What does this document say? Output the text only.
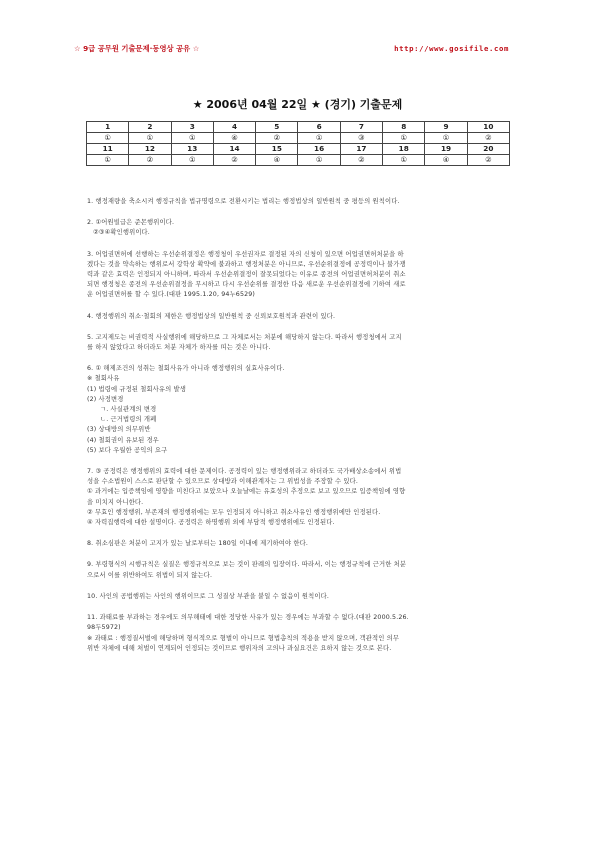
☆ 9급 공무원 기출문제·동영상 공유 ☆	http://www.gosifile.com
★ 2006년 04월 22일 ★ (경기) 기출문제
1	2	3	4	5	6	7	8	9	10
①	①	①	④	②	①	③	①	①	②
11	12	13	14	15	16	17	18	19	20
①	②	①	②	④	①	②	①	④	②
1. 행정재량을 축소시켜 행정규칙을 법규명령으로 전환시키는 법리는 행정법상의 일반원칙 중 평등의 원칙이다.
2. ①어원빌급은 준몬행위이다.
②③④확인행위이다.
3. 어업권면허에 선행하는 우선순위결정은 행정청이 우선권자로 결정된 자의 신청이 있으면 어업권면허처분을 하
겠다는 것을 약속하는 행위로서 강학상 확약에 불과하고 행정처분은 아니므로, 우선순위결정에 공정력이나 불가쟁
력과 같은 효력은 인정되지 아니하며, 따라서 우선순위결정이 잘못되었다는 이유로 종전의 어업권면허처분이 취소
되면 행정청은 종전의 우선순위결정을 무시하고 다시 우선순위를 결정한 다음 새로운 우선순위결정에 기하여 새로
운 어업권면허를 할 수 있다.(대판 1995.1.20, 94누6529)
4. 행정행위의 취소·철회의 제한은 행정법상의 일반원칙 중 신뢰보호원칙과 관련이 있다.
5. 고지제도는 비권력적 사실행위에 해당하므로 그 자체로서는 처분에 해당하지 않는다. 따라서 행정청에서 고지
를 하지 않았다고 하더라도 처분 자체가 하자를 띠는 것은 아니다.
6. ① 해제조건의 성취는 철회사유가 아니라 행정행위의 실효사유이다.
※ 철회사유
(1) 법령에 규정된 철회사유의 발생
(2) 사정변경
ㄱ. 사실관계의 변경
ㄴ. 근거법령의 개폐
(3) 상대방의 의무위반
(4) 철회권이 유보된 경우
(5) 보다 우월한 공익의 요구
7. ③ 공정력은 행정행위의 효력에 대한 문제이다. 공정력이 있는 행정행위라고 하더라도 국가배상소송에서 위법
성을 수소법원이 스스로 판단할 수 있으므로 상대방과 이해관계자는 그 위법성을 주장할 수 있다.
① 과거에는 입증책임에 영향을 미친다고 보았으나 오늘날에는 유효성의 추정으로 보고 있으므로 입증책임에 영향
을 미치지 아니한다.
② 무효인 행정행위, 부존재의 행정행위에는 모두 인정되지 아니하고 취소사유인 행정행위에만 인정된다.
④ 자력집행력에 대한 설명이다. 공정력은 하명행위 외에 부담적 행정행위에도 인정된다.
8. 취소심판은 처분이 고지가 있는 날로부터는 180일 이내에 제기하여야 한다.
9. 부령형식의 시행규칙은 실질은 행정규칙으로 보는 것이 판례의 입장이다. 따라서, 이는 행정규칙에 근거한 처분
으로서 이를 위반하여도 위법이 되지 않는다.
10. 사인의 공법행위는 사인의 행위이므로 그 성질상 부관을 붙일 수 없음이 원칙이다.
11. 과태료를 부과하는 경우에도 의무해태에 대한 정당한 사유가 있는 경우에는 부과할 수 없다.(대판 2000.5.26.
98두5972)
※ 과태료 : 행정질서벌에 해당하며 형식적으로 형벌이 아니므로 형법총칙의 적용을 받지 않으며, 객관적인 의무
위반 자체에 대해 처벌이 연계되어 인정되는 것이므로 행위자의 고의나 과실요건은 요하지 않는 것으로 본다.
